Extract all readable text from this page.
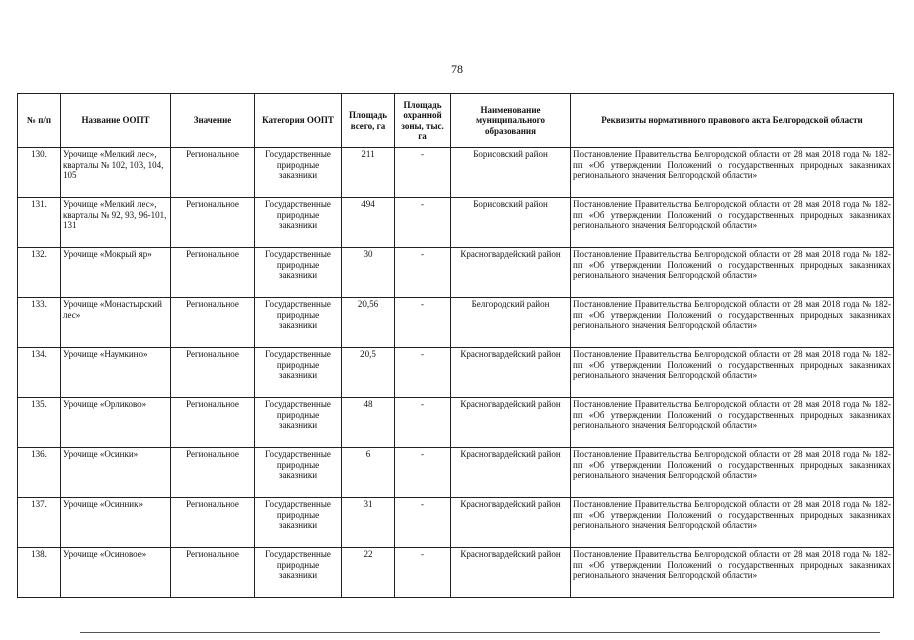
78
№ п/п	Название ООПТ	Значение	Категория ООПТ	Площадь всего, га	Площадь охранной зоны, тыс. га	Наименование муниципального образования	Реквизиты нормативного правового акта Белгородской области
130.	Урочище «Мелкий лес», кварталы № 102, 103, 104, 105	Региональное	Государственные природные заказники	211	-	Борисовский район	Постановление Правительства Белгородской области от 28 мая 2018 года № 182-пп «Об утверждении Положений о государственных природных заказниках регионального значения Белгородской области»
131.	Урочище «Мелкий лес», кварталы № 92, 93, 96-101, 131	Региональное	Государственные природные заказники	494	-	Борисовский район	Постановление Правительства Белгородской области от 28 мая 2018 года № 182-пп «Об утверждении Положений о государственных природных заказниках регионального значения Белгородской области»
132.	Урочище «Мокрый яр»	Региональное	Государственные природные заказники	30	-	Красногвардейский район	Постановление Правительства Белгородской области от 28 мая 2018 года № 182-пп «Об утверждении Положений о государственных природных заказниках регионального значения Белгородской области»
133.	Урочище «Монастырский лес»	Региональное	Государственные природные заказники	20,56	-	Белгородский район	Постановление Правительства Белгородской области от 28 мая 2018 года № 182-пп «Об утверждении Положений о государственных природных заказниках регионального значения Белгородской области»
134.	Урочище «Наумкино»	Региональное	Государственные природные заказники	20,5	-	Красногвардейский район	Постановление Правительства Белгородской области от 28 мая 2018 года № 182-пп «Об утверждении Положений о государственных природных заказниках регионального значения Белгородской области»
135.	Урочище «Орликово»	Региональное	Государственные природные заказники	48	-	Красногвардейский район	Постановление Правительства Белгородской области от 28 мая 2018 года № 182-пп «Об утверждении Положений о государственных природных заказниках регионального значения Белгородской области»
136.	Урочище «Осинки»	Региональное	Государственные природные заказники	6	-	Красногвардейский район	Постановление Правительства Белгородской области от 28 мая 2018 года № 182-пп «Об утверждении Положений о государственных природных заказниках регионального значения Белгородской области»
137.	Урочище «Осинник»	Региональное	Государственные природные заказники	31	-	Красногвардейский район	Постановление Правительства Белгородской области от 28 мая 2018 года № 182-пп «Об утверждении Положений о государственных природных заказниках регионального значения Белгородской области»
138.	Урочище «Осиновое»	Региональное	Государственные природные заказники	22	-	Красногвардейский район	Постановление Правительства Белгородской области от 28 мая 2018 года № 182-пп «Об утверждении Положений о государственных природных заказниках регионального значения Белгородской области»
